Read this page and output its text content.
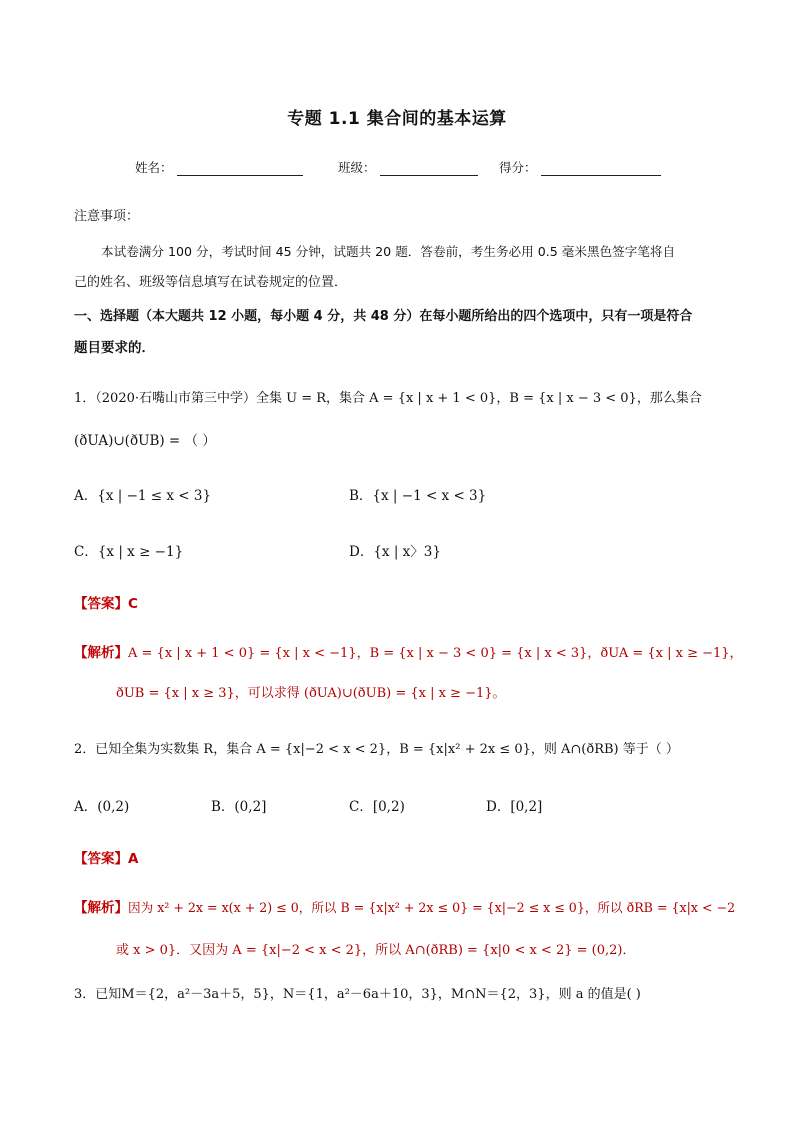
专题 1.1 集合间的基本运算
姓名：	班级：	得分：
注意事项：
本试卷满分 100 分，考试时间 45 分钟，试题共 20 题．答卷前，考生务必用 0.5 毫米黑色签字笔将自
己的姓名、班级等信息填写在试卷规定的位置．
一、选择题（本大题共 12 小题，每小题 4 分，共 48 分）在每小题所给出的四个选项中，只有一项是符合
题目要求的．
1．（2020·石嘴山市第三中学）全集 U = R，集合 A = {x | x + 1 < 0}，B = {x | x − 3 < 0}，那么集合
(ðUA)∪(ðUB) = （ ）
A．{x | −1 ≤ x < 3}	B．{x | −1 < x < 3}
C．{x | x ≥ −1}	D．{x | x〉3}
【答案】C
【解析】A = {x | x + 1 < 0} = {x | x < −1}，B = {x | x − 3 < 0} = {x | x < 3}，ðUA = {x | x ≥ −1}，
ðUB = {x | x ≥ 3}，可以求得 (ðUA)∪(ðUB) = {x | x ≥ −1}。
2．已知全集为实数集 R，集合 A = {x|−2 < x < 2}，B = {x|x² + 2x ≤ 0}，则 A∩(ðRB) 等于（ ）
A．(0,2)	B．(0,2]	C．[0,2)	D．[0,2]
【答案】A
【解析】因为 x² + 2x = x(x + 2) ≤ 0，所以 B = {x|x² + 2x ≤ 0} = {x|−2 ≤ x ≤ 0}，所以 ðRB = {x|x < −2
或 x > 0}．又因为 A = {x|−2 < x < 2}，所以 A∩(ðRB) = {x|0 < x < 2} = (0,2)．
3．已知M＝{2，a²－3a＋5，5}，N＝{1，a²－6a＋10，3}，M∩N＝{2，3}，则 a 的值是( )
